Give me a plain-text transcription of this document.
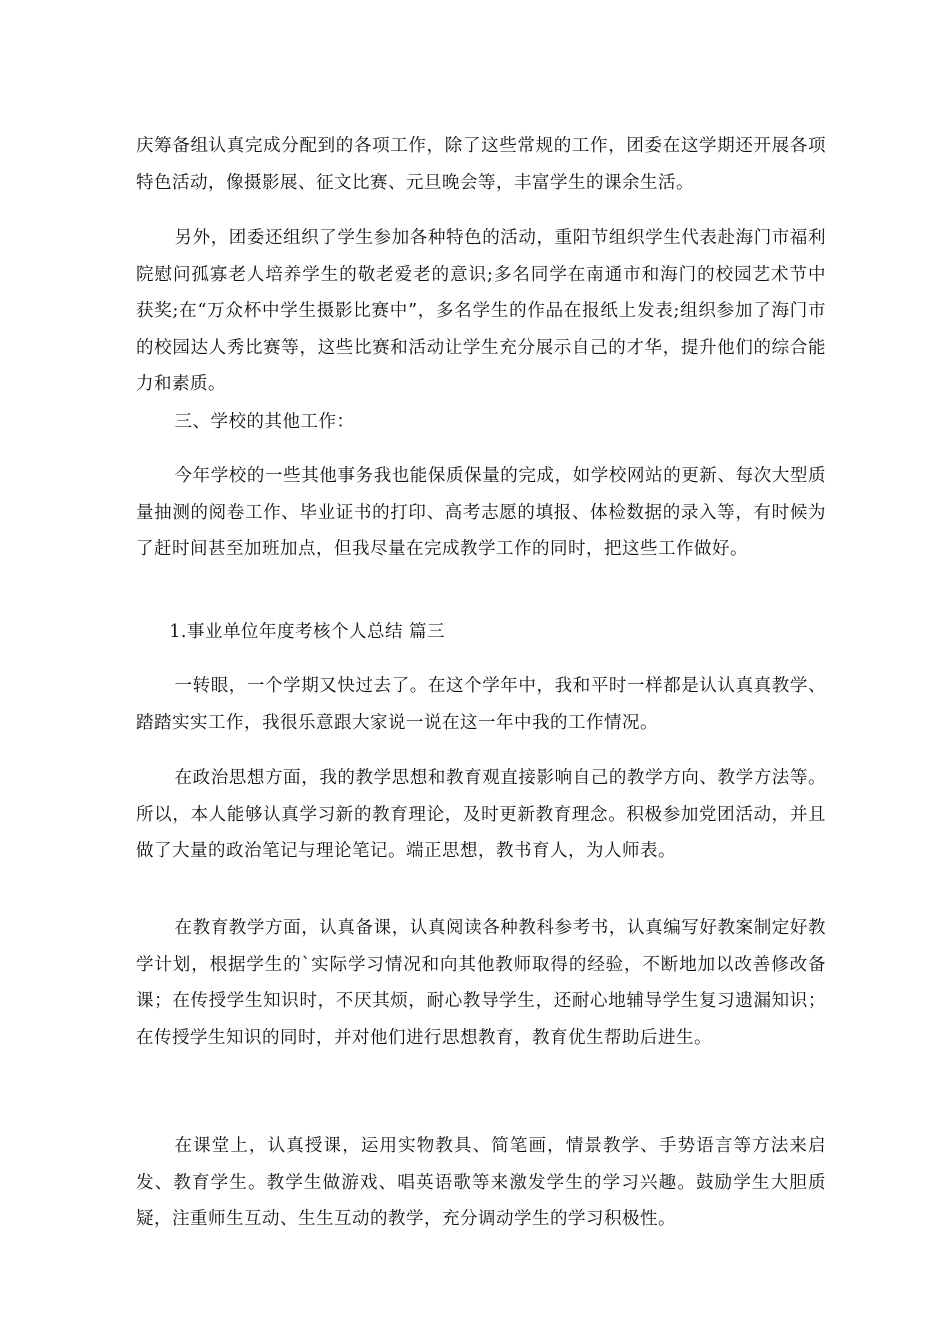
庆筹备组认真完成分配到的各项工作，除了这些常规的工作，团委在这学期还开展各项特色活动，像摄影展、征文比赛、元旦晚会等，丰富学生的课余生活。

另外，团委还组织了学生参加各种特色的活动，重阳节组织学生代表赴海门市福利院慰问孤寡老人培养学生的敬老爱老的意识;多名同学在南通市和海门的校园艺术节中获奖;在“万众杯中学生摄影比赛中”，多名学生的作品在报纸上发表;组织参加了海门市的校园达人秀比赛等，这些比赛和活动让学生充分展示自己的才华，提升他们的综合能力和素质。

三、学校的其他工作：

今年学校的一些其他事务我也能保质保量的完成，如学校网站的更新、每次大型质量抽测的阅卷工作、毕业证书的打印、高考志愿的填报、体检数据的录入等，有时候为了赶时间甚至加班加点，但我尽量在完成教学工作的同时，把这些工作做好。

1.事业单位年度考核个人总结 篇三

一转眼，一个学期又快过去了。在这个学年中，我和平时一样都是认认真真教学、踏踏实实工作，我很乐意跟大家说一说在这一年中我的工作情况。

在政治思想方面，我的教学思想和教育观直接影响自己的教学方向、教学方法等。所以，本人能够认真学习新的教育理论，及时更新教育理念。积极参加党团活动，并且做了大量的政治笔记与理论笔记。端正思想，教书育人，为人师表。

在教育教学方面，认真备课，认真阅读各种教科参考书，认真编写好教案制定好教学计划，根据学生的`实际学习情况和向其他教师取得的经验，不断地加以改善修改备课；在传授学生知识时，不厌其烦，耐心教导学生，还耐心地辅导学生复习遗漏知识；在传授学生知识的同时，并对他们进行思想教育，教育优生帮助后进生。

在课堂上，认真授课，运用实物教具、简笔画，情景教学、手势语言等方法来启发、教育学生。教学生做游戏、唱英语歌等来激发学生的学习兴趣。鼓励学生大胆质疑，注重师生互动、生生互动的教学，充分调动学生的学习积极性。
